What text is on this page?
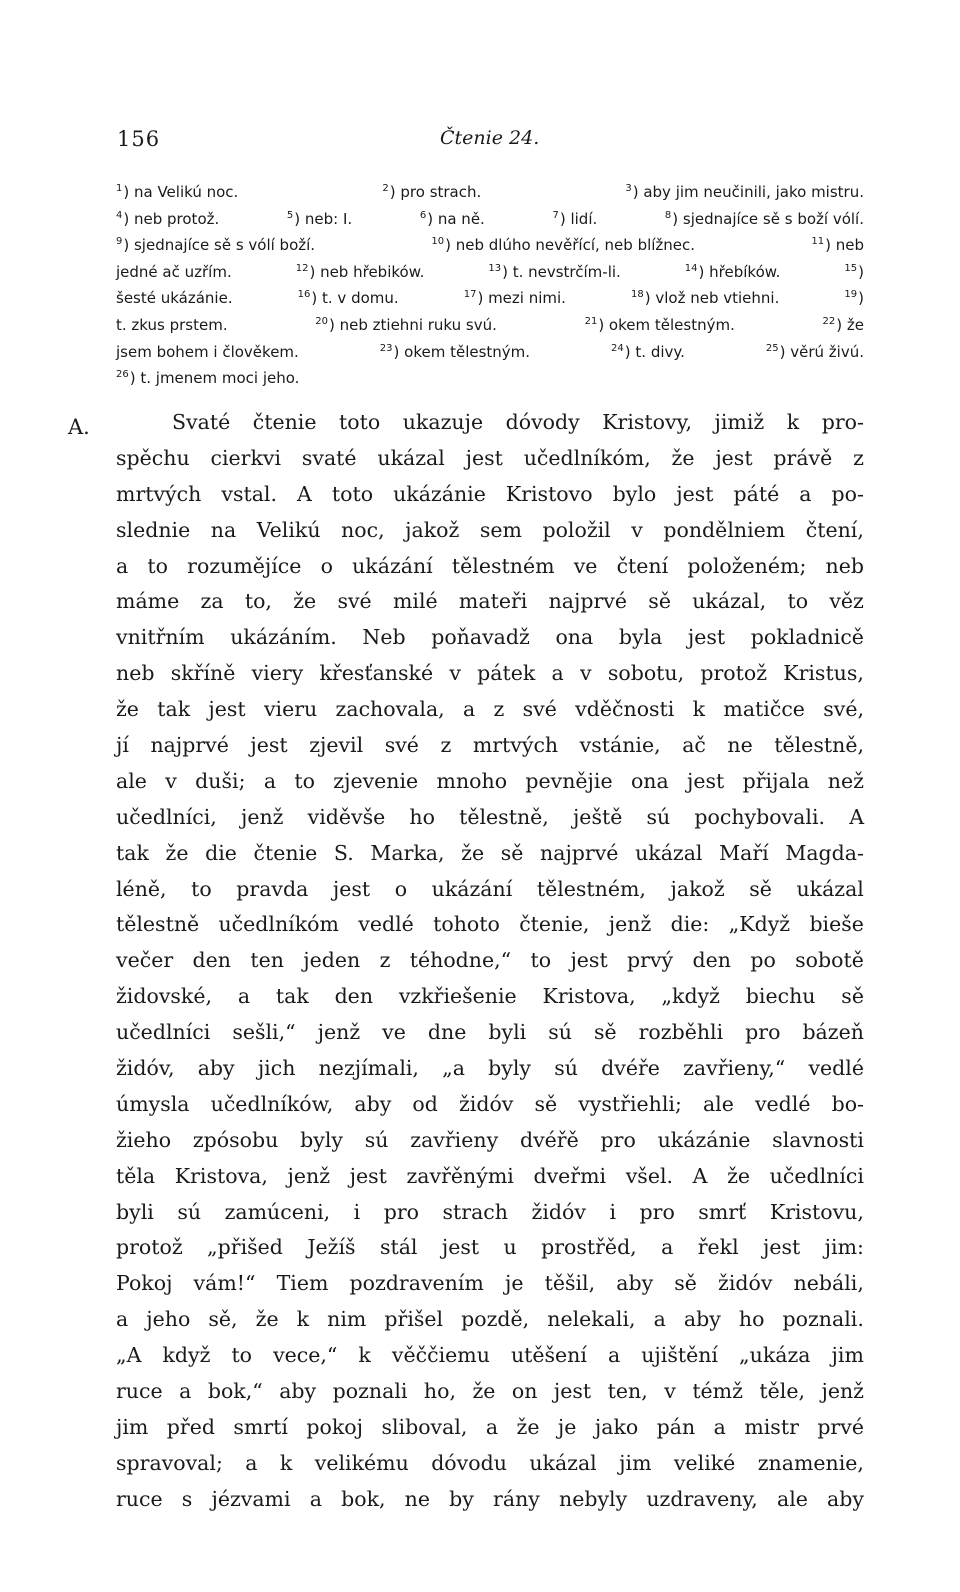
156	Čtenie 24.
$^1$) na Velikú noc.	$^2$) pro strach.	$^3$) aby jim neučinili, jako mistru.
$^4$) neb protož.	$^5$) neb: I.	$^6$) na ně.	$^7$) lidí.	$^8$) sjednajíce sě s boží vólí.
$^9$) sjednajíce sě s vólí boží.	$^{10}$) neb dlúho nevěřící, neb blížnec.	$^{11}$) neb
jedné ač uzřím.	$^{12}$) neb hřebików.	$^{13}$) t. nevstrčím-li.	$^{14}$) hřebíków.	$^{15}$)
šesté ukázánie.	$^{16}$) t. v domu.	$^{17}$) mezi nimi.	$^{18}$) vlož neb vtiehni.	$^{19}$)
t. zkus prstem.	$^{20}$) neb ztiehni ruku svú.	$^{21}$) okem tělestným.	$^{22}$) že
jsem bohem i člověkem.	$^{23}$) okem tělestným.	$^{24}$) t. divy.	$^{25}$) věrú živú.
$^{26}$) t. jmenem moci jeho.
A.	Svaté čtenie toto ukazuje dóvody Kristovy, jimiž k pro-
spěchu cierkvi svaté ukázal jest učedlníkóm, že jest právě z
mrtvých vstal. A toto ukázánie Kristovo bylo jest páté a po-
slednie na Velikú noc, jakož sem položil v pondělniem čtení,
a to rozumějíce o ukázání tělestném ve čtení položeném; neb
máme za to, že své milé mateři najprvé sě ukázal, to věz
vnitřním ukázáním. Neb poňavadž ona byla jest pokladnicě
neb skříně viery křesťanské v pátek a v sobotu, protož Kristus,
že tak jest vieru zachovala, a z své vděčnosti k matičce své,
jí najprvé jest zjevil své z mrtvých vstánie, ač ne tělestně,
ale v duši; a to zjevenie mnoho pevnějie ona jest přijala než
učedlníci, jenž viděvše ho tělestně, ještě sú pochybovali. A
tak že die čtenie S. Marka, že sě najprvé ukázal Maří Magda-
léně, to pravda jest o ukázání tělestném, jakož sě ukázal
tělestně učedlníkóm vedlé tohoto čtenie, jenž die: „Když bieše
večer den ten jeden z téhodne,“ to jest prvý den po sobotě
židovské, a tak den vzkřiešenie Kristova, „když biechu sě
učedlníci sešli,“ jenž ve dne byli sú sě rozběhli pro bázeň
židóv, aby jich nezjímali, „a byly sú dvéře zavřieny,“ vedlé
úmysla učedlníków, aby od židóv sě vystřiehli; ale vedlé bo-
žieho zpósobu byly sú zavřieny dvéřě pro ukázánie slavnosti
těla Kristova, jenž jest zavřěnými dveřmi všel. A že učedlníci
byli sú zamúceni, i pro strach židóv i pro smrť Kristovu,
protož „přišed Ježíš stál jest u prostřěd, a řekl jest jim:
Pokoj vám!“ Tiem pozdravením je těšil, aby sě židóv nebáli,
a jeho sě, že k nim přišel pozdě, nelekali, a aby ho poznali.
„A když to vece,“ k věččiemu utěšení a ujištění „ukáza jim
ruce a bok,“ aby poznali ho, že on jest ten, v témž těle, jenž
jim před smrtí pokoj sliboval, a že je jako pán a mistr prvé
spravoval; a k velikému dóvodu ukázal jim veliké znamenie,
ruce s jézvami a bok, ne by rány nebyly uzdraveny, ale aby
